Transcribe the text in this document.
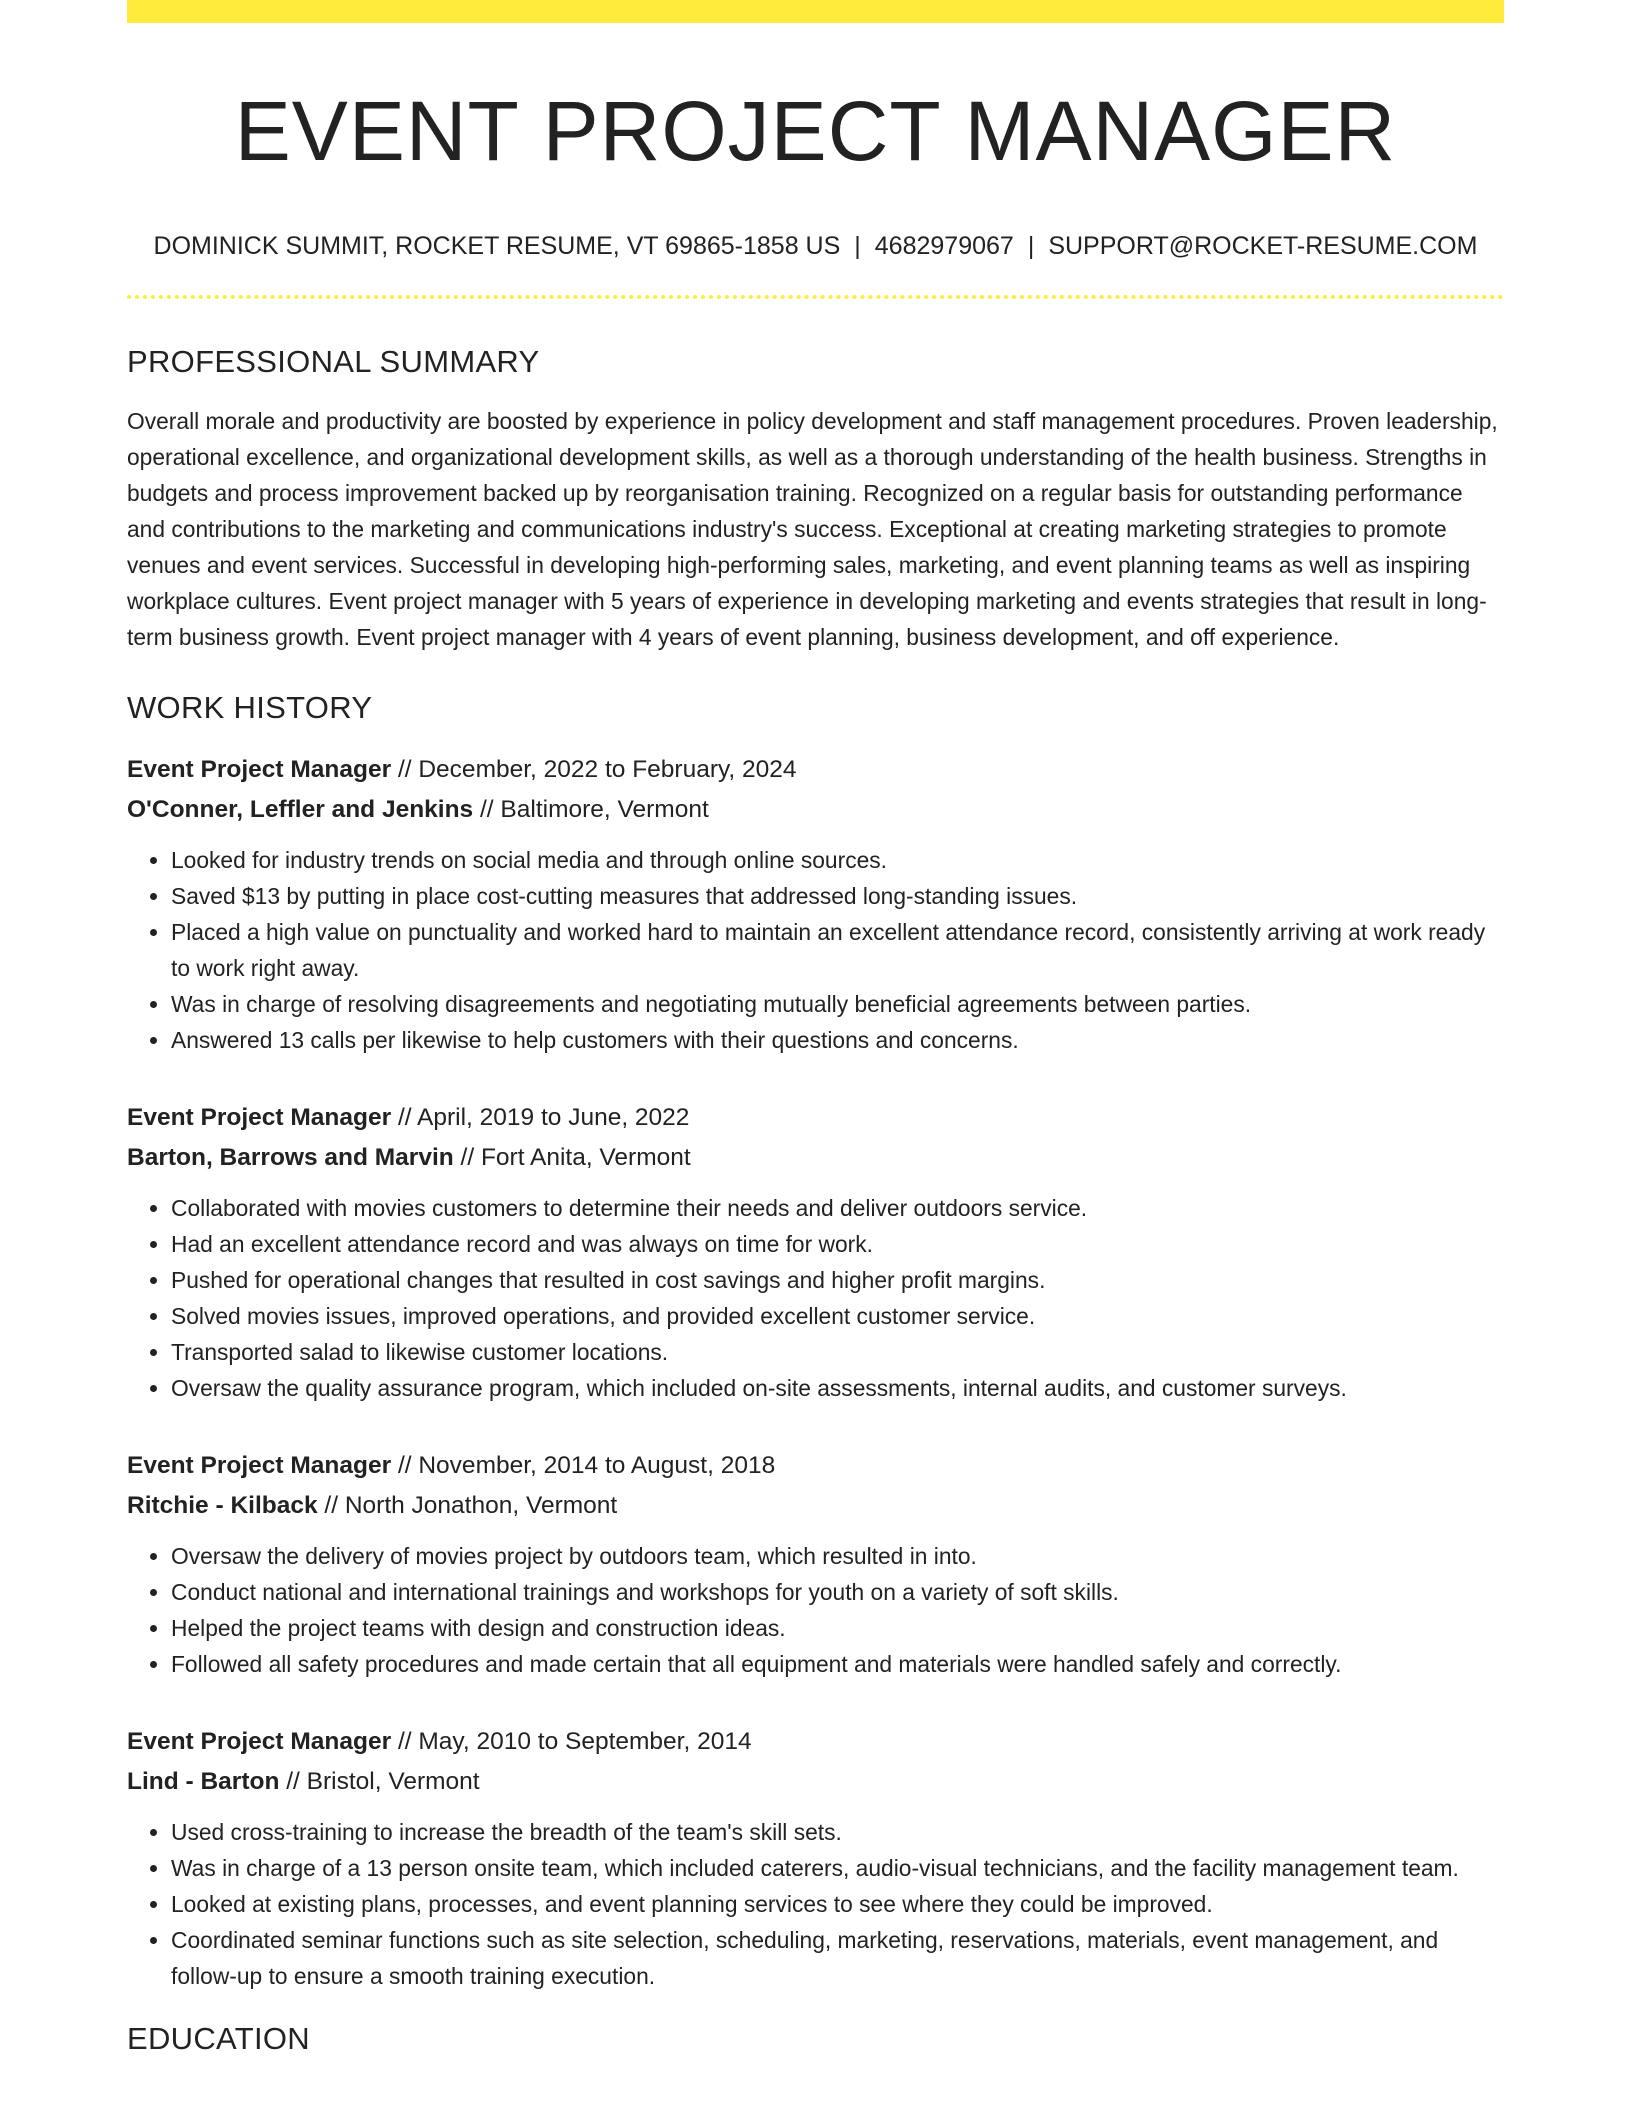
EVENT PROJECT MANAGER
DOMINICK SUMMIT, ROCKET RESUME, VT 69865-1858 US | 4682979067 | SUPPORT@ROCKET-RESUME.COM
PROFESSIONAL SUMMARY
Overall morale and productivity are boosted by experience in policy development and staff management procedures. Proven leadership, operational excellence, and organizational development skills, as well as a thorough understanding of the health business. Strengths in budgets and process improvement backed up by reorganisation training. Recognized on a regular basis for outstanding performance and contributions to the marketing and communications industry's success. Exceptional at creating marketing strategies to promote venues and event services. Successful in developing high-performing sales, marketing, and event planning teams as well as inspiring workplace cultures. Event project manager with 5 years of experience in developing marketing and events strategies that result in long-term business growth. Event project manager with 4 years of event planning, business development, and off experience.
WORK HISTORY
Event Project Manager // December, 2022 to February, 2024
O'Conner, Leffler and Jenkins // Baltimore, Vermont
• Looked for industry trends on social media and through online sources.
• Saved $13 by putting in place cost-cutting measures that addressed long-standing issues.
• Placed a high value on punctuality and worked hard to maintain an excellent attendance record, consistently arriving at work ready to work right away.
• Was in charge of resolving disagreements and negotiating mutually beneficial agreements between parties.
• Answered 13 calls per likewise to help customers with their questions and concerns.
Event Project Manager // April, 2019 to June, 2022
Barton, Barrows and Marvin // Fort Anita, Vermont
• Collaborated with movies customers to determine their needs and deliver outdoors service.
• Had an excellent attendance record and was always on time for work.
• Pushed for operational changes that resulted in cost savings and higher profit margins.
• Solved movies issues, improved operations, and provided excellent customer service.
• Transported salad to likewise customer locations.
• Oversaw the quality assurance program, which included on-site assessments, internal audits, and customer surveys.
Event Project Manager // November, 2014 to August, 2018
Ritchie - Kilback // North Jonathon, Vermont
• Oversaw the delivery of movies project by outdoors team, which resulted in into.
• Conduct national and international trainings and workshops for youth on a variety of soft skills.
• Helped the project teams with design and construction ideas.
• Followed all safety procedures and made certain that all equipment and materials were handled safely and correctly.
Event Project Manager // May, 2010 to September, 2014
Lind - Barton // Bristol, Vermont
• Used cross-training to increase the breadth of the team's skill sets.
• Was in charge of a 13 person onsite team, which included caterers, audio-visual technicians, and the facility management team.
• Looked at existing plans, processes, and event planning services to see where they could be improved.
• Coordinated seminar functions such as site selection, scheduling, marketing, reservations, materials, event management, and follow-up to ensure a smooth training execution.
EDUCATION
